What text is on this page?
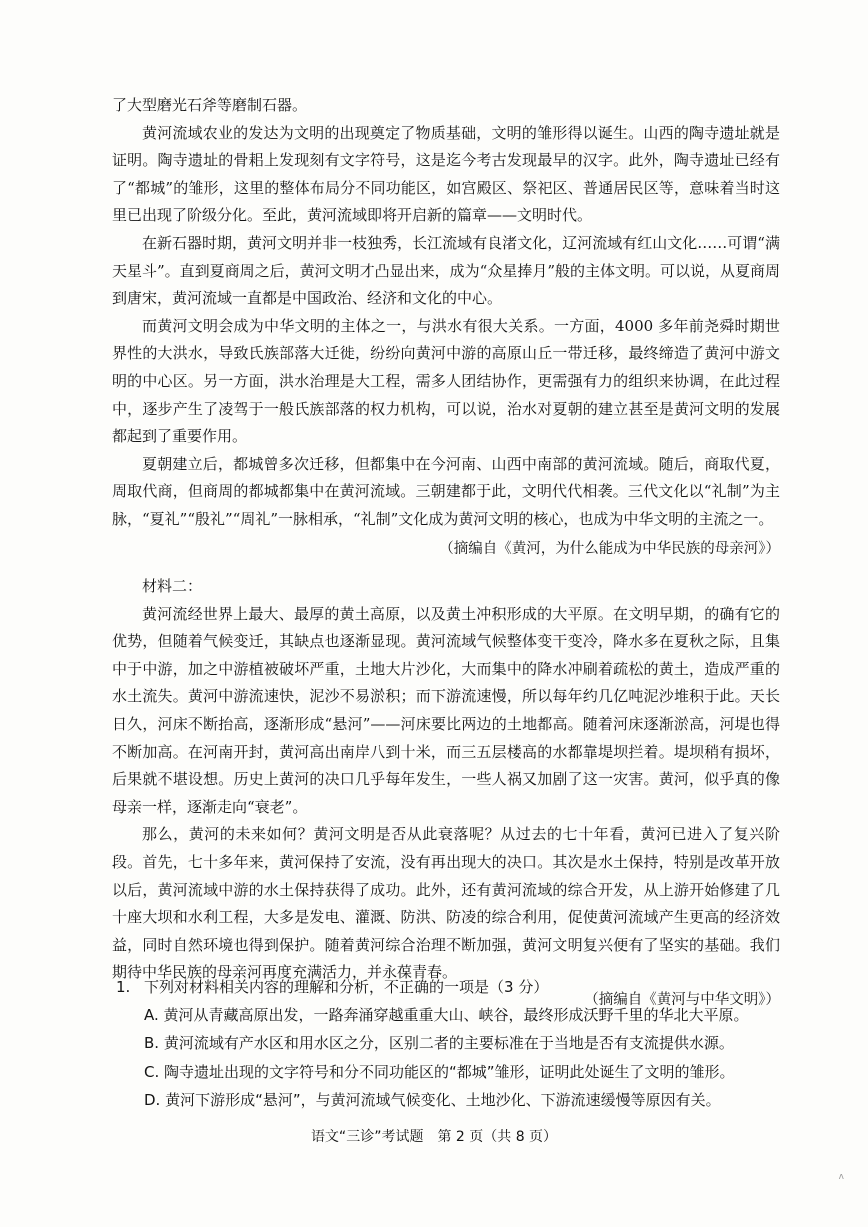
了大型磨光石斧等磨制石器。

黄河流域农业的发达为文明的出现奠定了物质基础，文明的雏形得以诞生。山西的陶寺遗址就是证明。陶寺遗址的骨耜上发现刻有文字符号，这是迄今考古发现最早的汉字。此外，陶寺遗址已经有了“都城”的雏形，这里的整体布局分不同功能区，如宫殿区、祭祀区、普通居民区等，意味着当时这里已出现了阶级分化。至此，黄河流域即将开启新的篇章——文明时代。

在新石器时期，黄河文明并非一枝独秀，长江流域有良渚文化，辽河流域有红山文化……可谓“满天星斗”。直到夏商周之后，黄河文明才凸显出来，成为“众星捧月”般的主体文明。可以说，从夏商周到唐宋，黄河流域一直都是中国政治、经济和文化的中心。

而黄河文明会成为中华文明的主体之一，与洪水有很大关系。一方面，4000 多年前尧舜时期世界性的大洪水，导致氏族部落大迁徙，纷纷向黄河中游的高原山丘一带迁移，最终缔造了黄河中游文明的中心区。另一方面，洪水治理是大工程，需多人团结协作，更需强有力的组织来协调，在此过程中，逐步产生了凌驾于一般氏族部落的权力机构，可以说，治水对夏朝的建立甚至是黄河文明的发展都起到了重要作用。

夏朝建立后，都城曾多次迁移，但都集中在今河南、山西中南部的黄河流域。随后，商取代夏，周取代商，但商周的都城都集中在黄河流域。三朝建都于此，文明代代相袭。三代文化以“礼制”为主脉，“夏礼”“殷礼”“周礼”一脉相承，“礼制”文化成为黄河文明的核心，也成为中华文明的主流之一。

（摘编自《黄河，为什么能成为中华民族的母亲河》）

材料二：

黄河流经世界上最大、最厚的黄土高原，以及黄土冲积形成的大平原。在文明早期，的确有它的优势，但随着气候变迁，其缺点也逐渐显现。黄河流域气候整体变干变冷，降水多在夏秋之际，且集中于中游，加之中游植被破坏严重，土地大片沙化，大而集中的降水冲刷着疏松的黄土，造成严重的水土流失。黄河中游流速快，泥沙不易淤积；而下游流速慢，所以每年约几亿吨泥沙堆积于此。天长日久，河床不断抬高，逐渐形成“悬河”——河床要比两边的土地都高。随着河床逐渐淤高，河堤也得不断加高。在河南开封，黄河高出南岸八到十米，而三五层楼高的水都靠堤坝拦着。堤坝稍有损坏，后果就不堪设想。历史上黄河的决口几乎每年发生，一些人祸又加剧了这一灾害。黄河，似乎真的像母亲一样，逐渐走向“衰老”。

那么，黄河的未来如何？黄河文明是否从此衰落呢？从过去的七十年看，黄河已进入了复兴阶段。首先，七十多年来，黄河保持了安流，没有再出现大的决口。其次是水土保持，特别是改革开放以后，黄河流域中游的水土保持获得了成功。此外，还有黄河流域的综合开发，从上游开始修建了几十座大坝和水利工程，大多是发电、灌溉、防洪、防凌的综合利用，促使黄河流域产生更高的经济效益，同时自然环境也得到保护。随着黄河综合治理不断加强，黄河文明复兴便有了坚实的基础。我们期待中华民族的母亲河再度充满活力，并永葆青春。

（摘编自《黄河与中华文明》）

1. 下列对材料相关内容的理解和分析，不正确的一项是（3 分）

A. 黄河从青藏高原出发，一路奔涌穿越重重大山、峡谷，最终形成沃野千里的华北大平原。

B. 黄河流域有产水区和用水区之分，区别二者的主要标准在于当地是否有支流提供水源。

C. 陶寺遗址出现的文字符号和分不同功能区的“都城”雏形，证明此处诞生了文明的雏形。

D. 黄河下游形成“悬河”，与黄河流域气候变化、土地沙化、下游流速缓慢等原因有关。

语文“三诊”考试题　第 2 页（共 8 页）
ʌ
